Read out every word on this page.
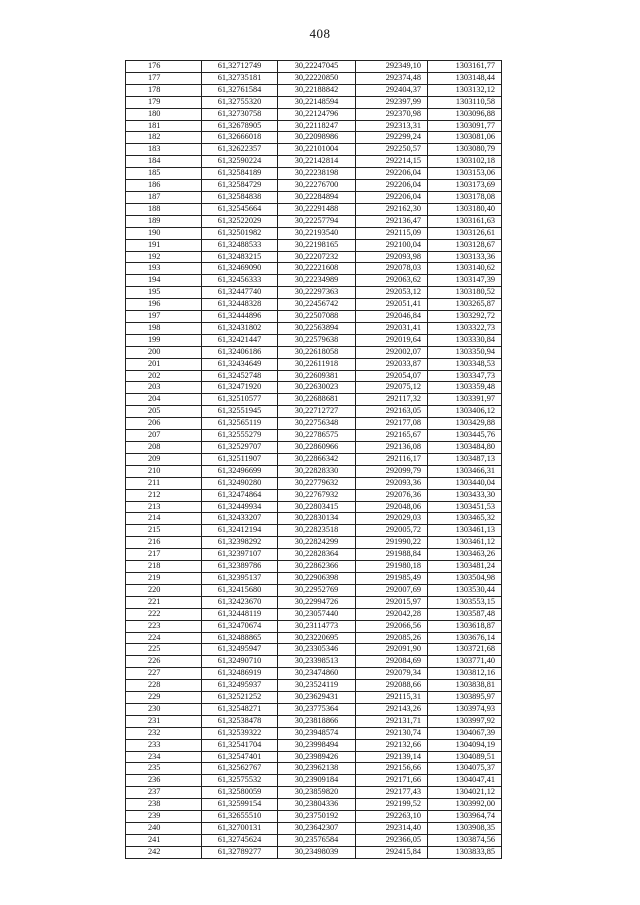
408
176	61,32712749	30,22247045	292349,10	1303161,77
177	61,32735181	30,22220850	292374,48	1303148,44
178	61,32761584	30,22188842	292404,37	1303132,12
179	61,32755320	30,22148594	292397,99	1303110,58
180	61,32730758	30,22124796	292370,98	1303096,88
181	61,32678905	30,22118247	292313,31	1303091,77
182	61,32666018	30,22098986	292299,24	1303081,06
183	61,32622357	30,22101004	292250,57	1303080,79
184	61,32590224	30,22142814	292214,15	1303102,18
185	61,32584189	30,22238198	292206,04	1303153,06
186	61,32584729	30,22276700	292206,04	1303173,69
187	61,32584838	30,22284894	292206,04	1303178,08
188	61,32545664	30,22291488	292162,30	1303180,40
189	61,32522029	30,22257794	292136,47	1303161,63
190	61,32501982	30,22193540	292115,09	1303126,61
191	61,32488533	30,22198165	292100,04	1303128,67
192	61,32483215	30,22207232	292093,98	1303133,36
193	61,32469090	30,22221608	292078,03	1303140,62
194	61,32456333	30,22234989	292063,62	1303147,39
195	61,32447740	30,22297363	292053,12	1303180,52
196	61,32448328	30,22456742	292051,41	1303265,87
197	61,32444896	30,22507088	292046,84	1303292,72
198	61,32431802	30,22563894	292031,41	1303322,73
199	61,32421447	30,22579638	292019,64	1303330,84
200	61,32406186	30,22618058	292002,07	1303350,94
201	61,32434649	30,22611918	292033,87	1303348,53
202	61,32452748	30,22609381	292054,07	1303347,73
203	61,32471920	30,22630023	292075,12	1303359,48
204	61,32510577	30,22688681	292117,32	1303391,97
205	61,32551945	30,22712727	292163,05	1303406,12
206	61,32565119	30,22756348	292177,08	1303429,88
207	61,32555279	30,22786575	292165,67	1303445,76
208	61,32529707	30,22860966	292136,08	1303484,80
209	61,32511907	30,22866342	292116,17	1303487,13
210	61,32496699	30,22828330	292099,79	1303466,31
211	61,32490280	30,22779632	292093,36	1303440,04
212	61,32474864	30,22767932	292076,36	1303433,30
213	61,32449934	30,22803415	292048,06	1303451,53
214	61,32433207	30,22830134	292029,03	1303465,32
215	61,32412194	30,22823518	292005,72	1303461,13
216	61,32398292	30,22824299	291990,22	1303461,12
217	61,32397107	30,22828364	291988,84	1303463,26
218	61,32389786	30,22862366	291980,18	1303481,24
219	61,32395137	30,22906398	291985,49	1303504,98
220	61,32415680	30,22952769	292007,69	1303530,44
221	61,32423670	30,22994726	292015,97	1303553,15
222	61,32448119	30,23057440	292042,28	1303587,48
223	61,32470674	30,23114773	292066,56	1303618,87
224	61,32488865	30,23220695	292085,26	1303676,14
225	61,32495947	30,23305346	292091,90	1303721,68
226	61,32490710	30,23398513	292084,69	1303771,40
227	61,32486919	30,23474860	292079,34	1303812,16
228	61,32495937	30,23524119	292088,66	1303838,81
229	61,32521252	30,23629431	292115,31	1303895,97
230	61,32548271	30,23775364	292143,26	1303974,93
231	61,32538478	30,23818866	292131,71	1303997,92
232	61,32539322	30,23948574	292130,74	1304067,39
233	61,32541704	30,23998494	292132,66	1304094,19
234	61,32547401	30,23989426	292139,14	1304089,51
235	61,32562767	30,23962138	292156,66	1304075,37
236	61,32575532	30,23909184	292171,66	1304047,41
237	61,32580059	30,23859820	292177,43	1304021,12
238	61,32599154	30,23804336	292199,52	1303992,00
239	61,32655510	30,23750192	292263,10	1303964,74
240	61,32700131	30,23642307	292314,40	1303908,35
241	61,32745624	30,23576584	292366,05	1303874,56
242	61,32789277	30,23498039	292415,84	1303833,85
